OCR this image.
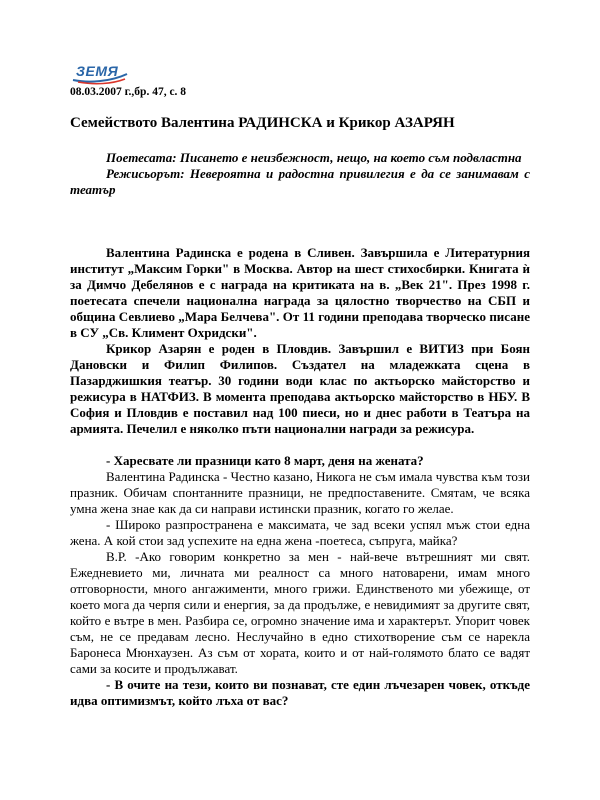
ЗЕМЯ
08.03.2007 г.,бр. 47, с. 8
Семейството Валентина РАДИНСКА и Крикор АЗАРЯН

Поетесата: Писането е неизбежност, нещо, на което съм подвластна

Режисьорът: Невероятна и радостна привилегия е да се занимавам с театър

Валентина Радинска е родена в Сливен. Завършила е Литературния институт „Максим Горки" в Москва. Автор на шест стихосбирки. Книгата ѝ за Димчо Дебелянов е с награда на критиката на в. „Век 21". През 1998 г. поетесата спечели национална награда за цялостно творчество на СБП и община Севлиево „Мара Белчева". От 11 години преподава творческо писане в СУ „Св. Климент Охридски".

Крикор Азарян е роден в Пловдив. Завършил е ВИТИЗ при Боян Дановски и Филип Филипов. Създател на младежката сцена в Пазарджишкия театър. 30 години води клас по актьорско майсторство и режисура в НАТФИЗ. В момента преподава актьорско майсторство в НБУ. В София и Пловдив е поставил над 100 пиеси, но и днес работи в Театъра на армията. Печелил е няколко пъти национални награди за режисура.

- Харесвате ли празници като 8 март, деня на жената?

Валентина Радинска - Честно казано, Никога не съм имала чувства към този празник. Обичам спонтанните празници, не предпоставените. Смятам, че всяка умна жена знае как да си направи истински празник, когато го желае.

- Широко разпространена е максимата, че зад всеки успял мъж стои една жена. А кой стои зад успехите на една жена -поетеса, съпруга, майка?

В.Р. -Ако говорим конкретно за мен - най-вече вътрешният ми свят. Ежедневието ми, личната ми реалност са много натоварени, имам много отговорности, много ангажименти, много грижи. Единственото ми убежище, от което мога да черпя сили и енергия, за да продълже, е невидимият за другите свят, който е вътре в мен. Разбира се, огромно значение има и характерът. Упорит човек съм, не се предавам лесно. Неслучайно в едно стихотворение съм се нарекла Баронеса Мюнхаузен. Аз съм от хората, които и от най-голямото блато се вадят сами за косите и продължават.

- В очите на тези, които ви познават, сте един лъчезарен човек, откъде идва оптимизмът, който лъха от вас?
